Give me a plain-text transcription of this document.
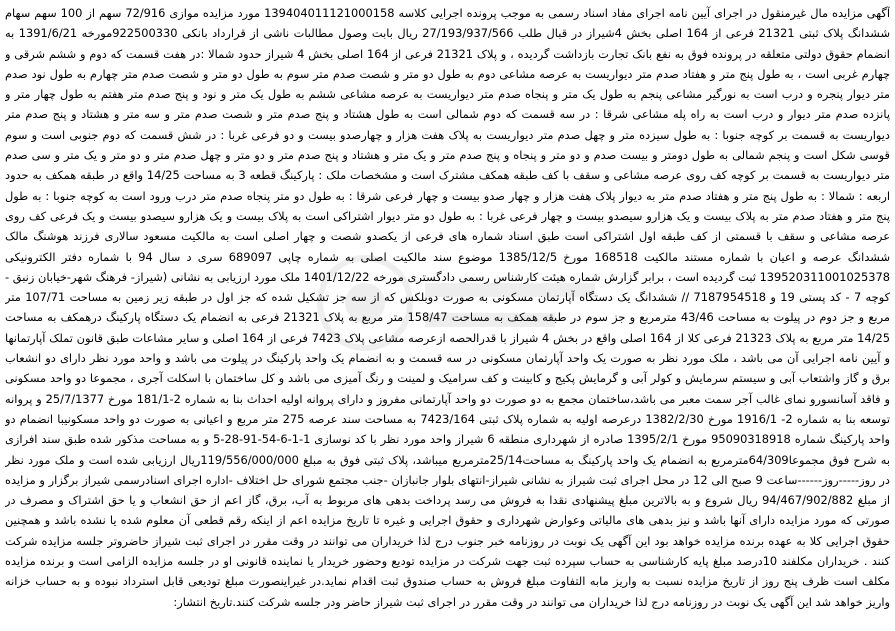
آگهی مزایده مال غیرمنقول در اجرای آیین نامه اجرای مفاد اسناد رسمی به موجب پرونده اجرایی کلاسه 139404011121000158 مورد مزایده موازی 72/916 سهم از 100 سهم سهام ششدانگ پلاک ثبتی 21321 فرعی از 164 اصلی بخش 4شیراز در قبال طلب 27/193/937/566 ریال بابت وصول مطالبات ناشی از قرارداد بانکی 922500330مورخه 1391/6/21 به انضمام حقوق دولتی متعلقه در پرونده فوق به نفع بانک تجارت بازداشت گردیده ، و پلاک 21321 فرعی از 164 اصلی بخش 4 شیراز حدود شمالا :در هفت قسمت که دوم و ششم شرقی و چهارم غربی است ، به طول پنج متر و هفتاد صدم متر دیواریست به عرصه مشاعی دوم به طول دو متر و شصت صدم متر سوم به طول دو متر و شصت صدم متر چهارم به طول نود صدم متر دیوار پنجره و درب است به نورگیر مشاعی پنجم به طول یک متر و پنجاه صدم متر دیواریست به عرصه مشاعی ششم به طول یک متر و نود و پنج صدم متر هفتم به طول چهار متر و پانزده صدم متر دیوار و درب است به راه پله مشاعی شرقا : در سه قسمت که دوم شمالی است به طول هشتاد و پنج صدم متر و شصت صدم متر و سه متر و هشتاد و پنج صدم متر دیواریست به قسمت بر کوچه جنوبا : به طول سیزده متر و چهل صدم متر دیواریست به پلاک هفت هزار و چهارصدو بیست و دو فرعی غربا : در شش قسمت که دوم جنوبی است و سوم قوسی شکل است و پنجم شمالی به طول دومتر و بیست صدم و دو متر و پنجاه و پنج صدم متر و یک متر و هشتاد و پنج صدم متر و دو متر و چهل صدم متر و دو متر و یک متر و سی صدم متر دیواریست به قسمت بر کوچه کف روی عرصه مشاعی و سقف با کف طبقه همکف مشترک است و مشخصات ملک : پارکینگ قطعه 3 به مساحت 14/25 واقع در طبقه همکف به حدود اربعه : شمالا : به طول پنج متر و هفتاد صدم متر به دیوار پلاک هفت هزار و چهار صدو بیست و چهار فرعی شرقا : به طول دو متر پنجاه صدم متر درب ورود است به کوچه جنوبا : به طول پنج متر و هفتاد صدم متر به پلاک بیست و یک هزارو سیصدو بیست و چهار فرعی غربا : به طول دو متر دیوار اشتراکی است به پلاک بیست و یک هزارو سیصدو بیست و یک فرعی کف روی عرصه مشاعی و سقف با قسمتی از کف طبقه اول اشتراکی است طبق اسناد شماره های فرعی از یکصدو شصت و چهار اصلی است به مالکیت مسعود سالاری فرزند هوشنگ مالک ششدانگ عرصه و اعیان با شماره مستند مالکیت 168518 مورخ 1385/12/5 موضوع سند مالکیت اصلی به شماره چاپی 689097 سری د سال 94 با شماره دفتر الکترونیکی 139520311001025378 ثبت گردیده است ، برابر گزارش شماره هیئت کارشناس رسمی دادگستری مورخه 1401/12/22 ملک مورد ارزیابی به نشانی (شیراز- فرهنگ شهر-خیابان زنبق - کوچه 7 - کد پستی 19 و 7187954518 // ششدانگ یک دستگاه آپارتمان مسکونی به صورت دوبلکس که از سه جز تشکیل شده که جز اول در طبقه زیر زمین به مساحت 107/71 متر مربع و جز دوم در پیلوت به مساحت 43/46 مترمربع و جز سوم در طبقه همکف به مساحت 158/47 متر مربع به پلاک 21321 فرعی به انضمام یک دستگاه پارکینگ درهمکف به مساحت 14/25 متر مربع به پلاک 21323 فرعی کلا از 164 اصلی واقع در بخش 4 شیراز با قدرالحصه ازعرصه مشاعی پلاک 7423 فرعی از 164 اصلی و سایر مشاعات طبق قانون تملک آپارتمانها و آیین نامه اجرایی آن می باشد ، ملک مورد نظر به صورت یک واحد آپارتمان مسکونی در سه قسمت و به انضمام یک واحد پارکینگ در پیلوت می باشد و واحد مورد نظر دارای دو انشعاب برق و گاز واشتعاب آبی و سیستم سرمایش و کولر آبی و گرمایش پکیج و کابینت و کف سرامیک و لمینت و رنگ آمیزی می باشد و کل ساختمان با اسکلت آجری ، مجموعا دو واحد مسکونی و فاقد آسانسورو نمای غالب آجر سمت معبر می باشد،ساختمان مجمع به دو صورت دو واحد آپارتمانی مفروز و دارای پروانه اولیه احداث بنا به شماره 2-181/1 مورخ 25/7/1377 و پروانه توسعه بنا به شماره 2- 1916/1 مورخ 1382/2/30 درعرصه اولیه به شماره پلاک ثبتی 7423/164 به مساحت سند عرصه 275 متر مربع و اعیانی به صورت دو واحد مسکونیبا انضمام دو واحد پارکینگ شماره 95090318918 مورخ 1395/2/1 صادره از شهرداری منطقه 6 شیراز واحد مورد نظر با کد نوسازی 1-1-6-54-91-28-5 و به مساحت مذکور شده طبق سند افرازی به شرح فوق مجموعا64/309مترمربع به انضمام یک واحد پارکینگ به مساحت25/14مترمربع میباشد، پلاک ثبتی فوق به مبلغ 119/556/000/000ریال ارزیابی شده است و ملک مورد نظر در روز-----روز------ساعت 9 صبح الی 12 در محل اجرای ثبت شیراز به نشانی شیراز-انتهای بلوار جانبازان -جنب مجتمع شورای حل اختلاف -اداره اجرای اسنادرسمی شیراز برگزار و مزایده از مبلغ 94/467/902/882 ریال شروع و به بالاترین مبلغ پیشنهادی نقدا به فروش می رسد پرداخت بدهی های مربوط به آب، برق، گاز اعم از حق انشعاب و یا حق اشتراک و مصرف در صورتی که مورد مزایده دارای آنها باشد و نیز بدهی های مالیاتی وعوارض شهرداری و حقوق اجرایی و غیره تا تاریخ مزایده اعم از اینکه رقم قطعی آن معلوم شده یا نشده باشد و همچنین حقوق اجرایی کلا به عهده برنده مزایده خواهد بود این آگهی یک نوبت در روزنامه خبر جنوب درج لذا خریداران می توانند در وقت مقرر در اجرای ثبت شیراز حاضروتر جلسه مزایده شرکت کنند . خریداران مکلفند 10درصد مبلغ پایه کارشناسی به حساب سپرده ثبت جهت شرکت در مزایده تودیع وحضور خریدار یا نماینده قانونی او در جلسه مزایده الزامی است و برنده مزایده مکلف است ظرف پنج روز از تاریخ مزایده نسبت به واریز مابه التفاوت مبلغ فروش به حساب صندوق ثبت اقدام نماید.در غیراینصورت مبلغ تودیعی قابل استرداد نبوده و به حساب خزانه واریز خواهد شد این آگهی یک نوبت در روزنامه درج لذا خریداران می توانند در وقت مقرر در اجرای ثبت شیراز حاضر ودر جلسه شرکت کنند.تاریخ انتشار:
